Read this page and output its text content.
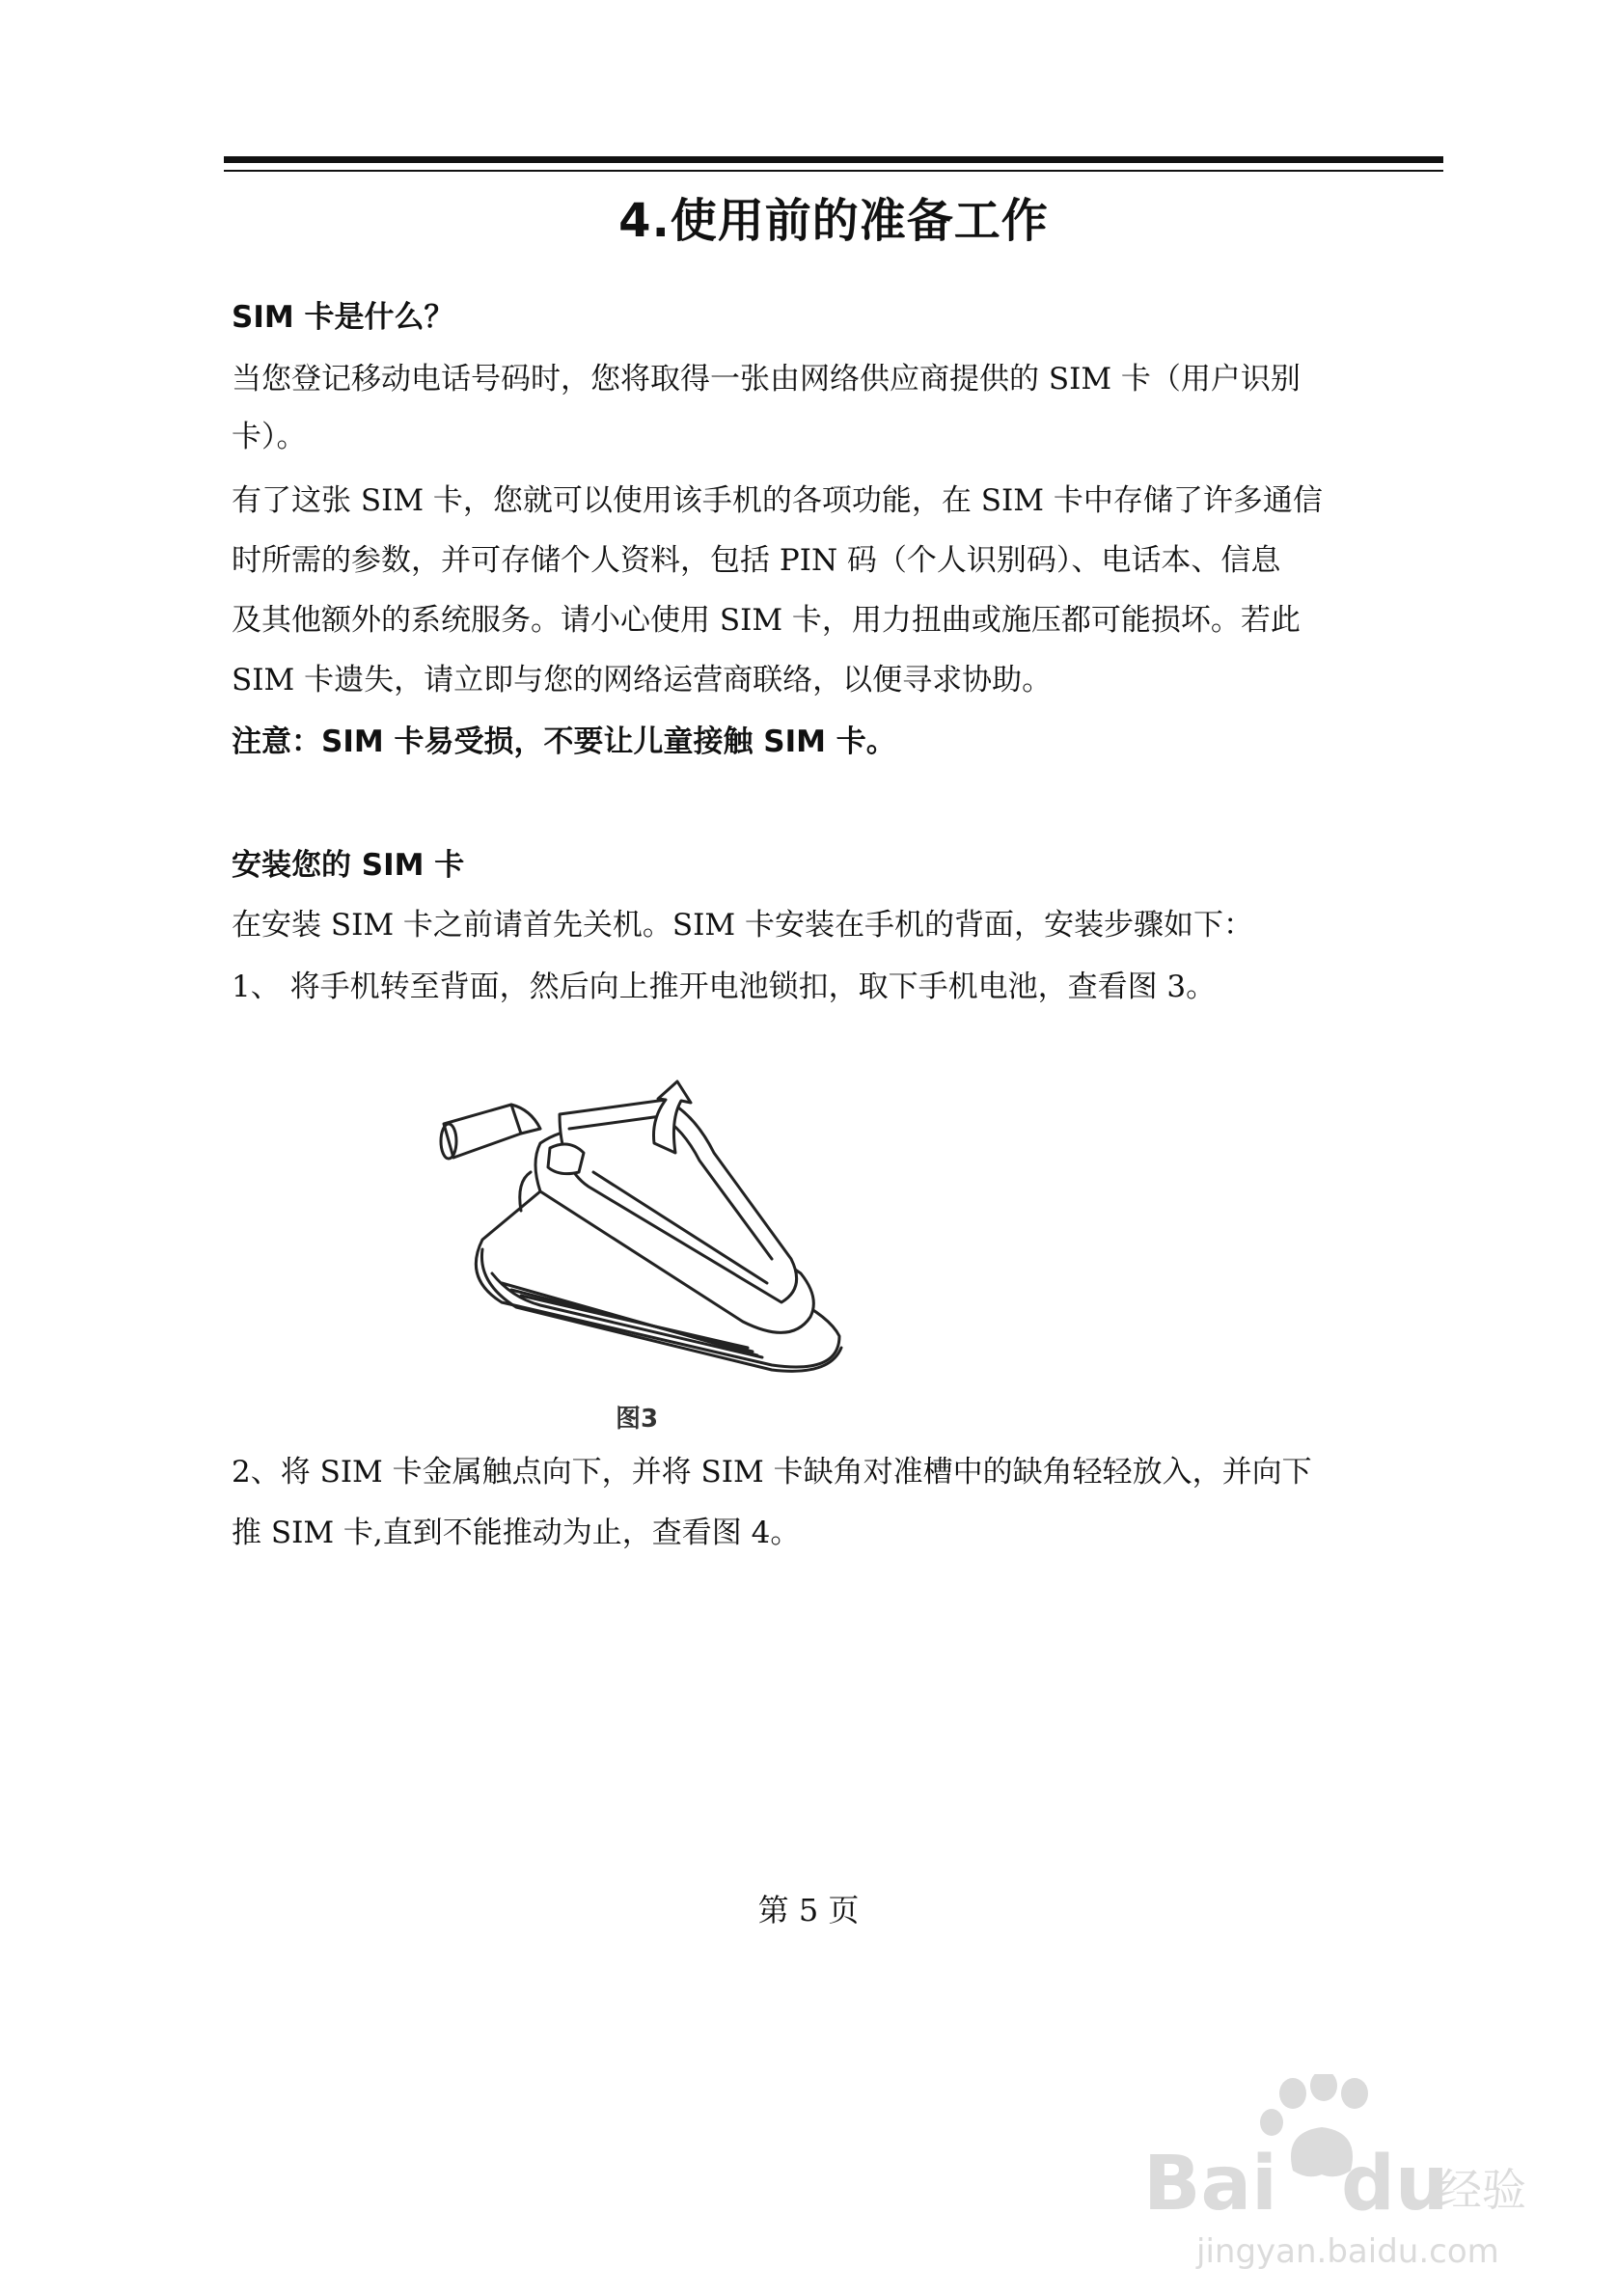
4.使用前的准备工作
SIM 卡是什么？
当您登记移动电话号码时，您将取得一张由网络供应商提供的 SIM 卡（用户识别
卡）。
有了这张 SIM 卡，您就可以使用该手机的各项功能，在 SIM 卡中存储了许多通信
时所需的参数，并可存储个人资料，包括 PIN 码（个人识别码）、电话本、信息
及其他额外的系统服务。请小心使用 SIM 卡，用力扭曲或施压都可能损坏。若此
SIM 卡遗失，请立即与您的网络运营商联络，以便寻求协助。
注意：SIM 卡易受损，不要让儿童接触 SIM 卡。
安装您的 SIM 卡
在安装 SIM 卡之前请首先关机。SIM 卡安装在手机的背面，安装步骤如下：
1、 将手机转至背面，然后向上推开电池锁扣，取下手机电池，查看图 3。
图3
2、将 SIM 卡金属触点向下，并将 SIM 卡缺角对准槽中的缺角轻轻放入，并向下
推 SIM 卡,直到不能推动为止，查看图 4。
第 5 页
Bai du
经验
jingyan.baidu.com
